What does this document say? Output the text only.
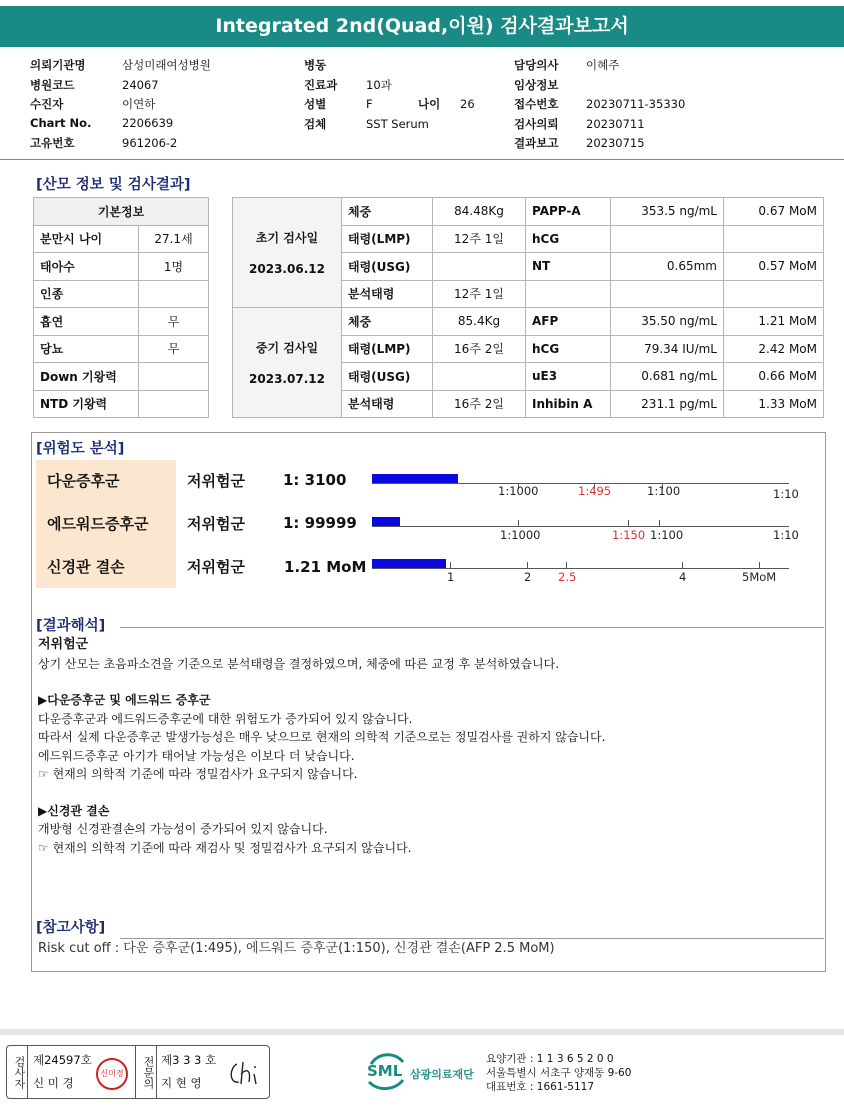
Integrated 2nd(Quad,이원) 검사결과보고서
의뢰기관명	삼성미래여성병원
병원코드	24067
수진자	이연하
Chart No.	2206639
고유번호	961206-2
병동
진료과 10과
성별	F	나이 26
검체	SST Serum
담당의사 이혜주
임상정보
접수번호 20230711-35330
검사의뢰 20230711
결과보고 20230715
[산모 정보 및 검사결과]
기본정보	
분만시 나이	27.1세
태아수	1명
인종	
흡연	무
당뇨	무
Down 기왕력	
NTD 기왕력	
초기 검사일
2023.06.12	체중	84.48Kg	PAPP-A	353.5 ng/mL	0.67 MoM
	태령(LMP)	12주 1일	hCG		
	태령(USG)		NT	0.65mm	0.57 MoM
	분석태령	12주 1일			

중기 검사일
2023.07.12	체중	85.4Kg	AFP	35.50 ng/mL	1.21 MoM
	태령(LMP)	16주 2일	hCG	79.34 IU/mL	2.42 MoM
	태령(USG)		uE3	0.681 ng/mL	0.66 MoM
	분석태령	16주 2일	Inhibin A	231.1 pg/mL	1.33 MoM
[위험도 분석]
다운증후군	저위험군	1: 3100
1:1000	1:495	1:100	1:10
에드워드증후군	저위험군	1: 99999
1:1000	1:150 1:100	1:10
신경관 결손	저위험군	1.21 MoM
1	2 2.5	4	5MoM
[결과해석]
저위험군
상기 산모는 초음파소견을 기준으로 분석태령을 결정하였으며, 체중에 따른 교정 후 분석하였습니다.
▶다운증후군 및 에드워드 증후군
다운증후군과 에드워드증후군에 대한 위험도가 증가되어 있지 않습니다.
따라서 실제 다운증후군 발생가능성은 매우 낮으므로 현재의 의학적 기준으로는 정밀검사를 권하지 않습니다.
에드워드증후군 아기가 태어날 가능성은 이보다 더 낮습니다.
☞ 현재의 의학적 기준에 따라 정밀검사가 요구되지 않습니다.
▶신경관 결손
개방형 신경관결손의 가능성이 증가되어 있지 않습니다.
☞ 현재의 의학적 기준에 따라 재검사 및 정밀검사가 요구되지 않습니다.
[참고사항]
Risk cut off : 다운 증후군(1:495), 에드워드 증후군(1:150), 신경관 결손(AFP 2.5 MoM)
검사자 제24597호
신 미 경
신미경	전문의 제3 3 3 호
지 현 영
SML 삼광의료재단
요양기관 : 1 1 3 6 5 2 0 0
서울특별시 서초구 양재동 9-60
대표번호 : 1661-5117
